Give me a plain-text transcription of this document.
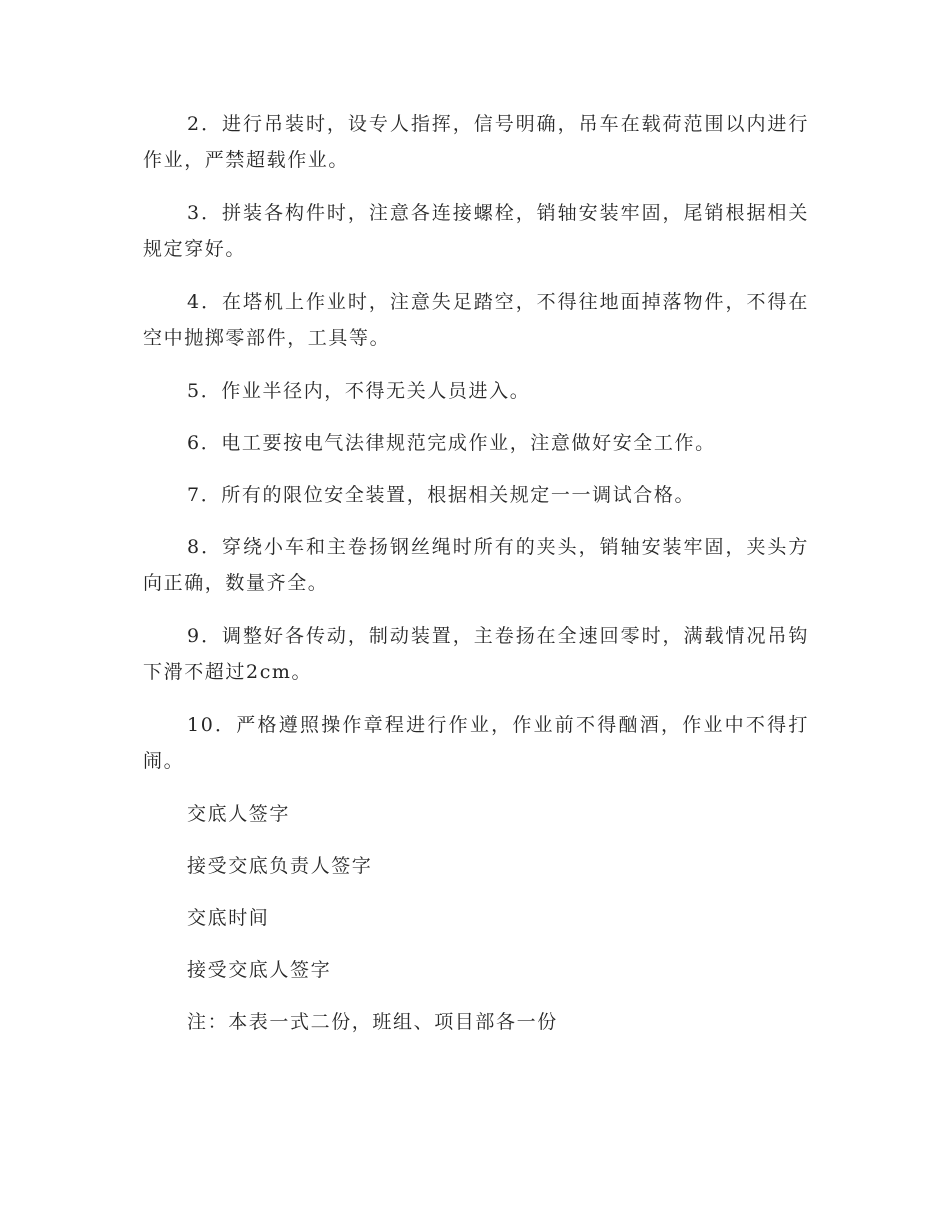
2．进行吊装时，设专人指挥，信号明确，吊车在载荷范围以内进行作业，严禁超载作业。

3．拼装各构件时，注意各连接螺栓，销轴安装牢固，尾销根据相关规定穿好。

4．在塔机上作业时，注意失足踏空，不得往地面掉落物件，不得在空中抛掷零部件，工具等。

5．作业半径内，不得无关人员进入。

6．电工要按电气法律规范完成作业，注意做好安全工作。

7．所有的限位安全装置，根据相关规定一一调试合格。

8．穿绕小车和主卷扬钢丝绳时所有的夹头，销轴安装牢固，夹头方向正确，数量齐全。

9．调整好各传动，制动装置，主卷扬在全速回零时，满载情况吊钩下滑不超过2cm。

10．严格遵照操作章程进行作业，作业前不得酗酒，作业中不得打闹。

交底人签字

接受交底负责人签字

交底时间

接受交底人签字

注：本表一式二份，班组、项目部各一份
